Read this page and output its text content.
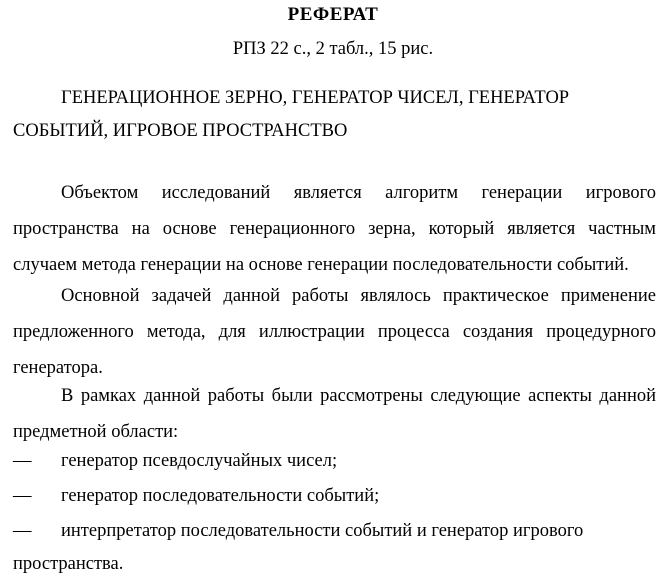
РЕФЕРАТ
РПЗ 22 с., 2 табл., 15 рис.
ГЕНЕРАЦИОННОЕ ЗЕРНО, ГЕНЕРАТОР ЧИСЕЛ, ГЕНЕРАТОР
СОБЫТИЙ, ИГРОВОЕ ПРОСТРАНСТВО

Объектом исследований является алгоритм генерации игрового пространства на основе генерационного зерна, который является частным случаем метода генерации на основе генерации последовательности событий.

Основной задачей данной работы являлось практическое применение предложенного метода, для иллюстрации процесса создания процедурного генератора.

В рамках данной работы были рассмотрены следующие аспекты данной предметной области:

—	генератор псевдослучайных чисел;
—	генератор последовательности событий;
—	интерпретатор последовательности событий и генератор игрового
пространства.
